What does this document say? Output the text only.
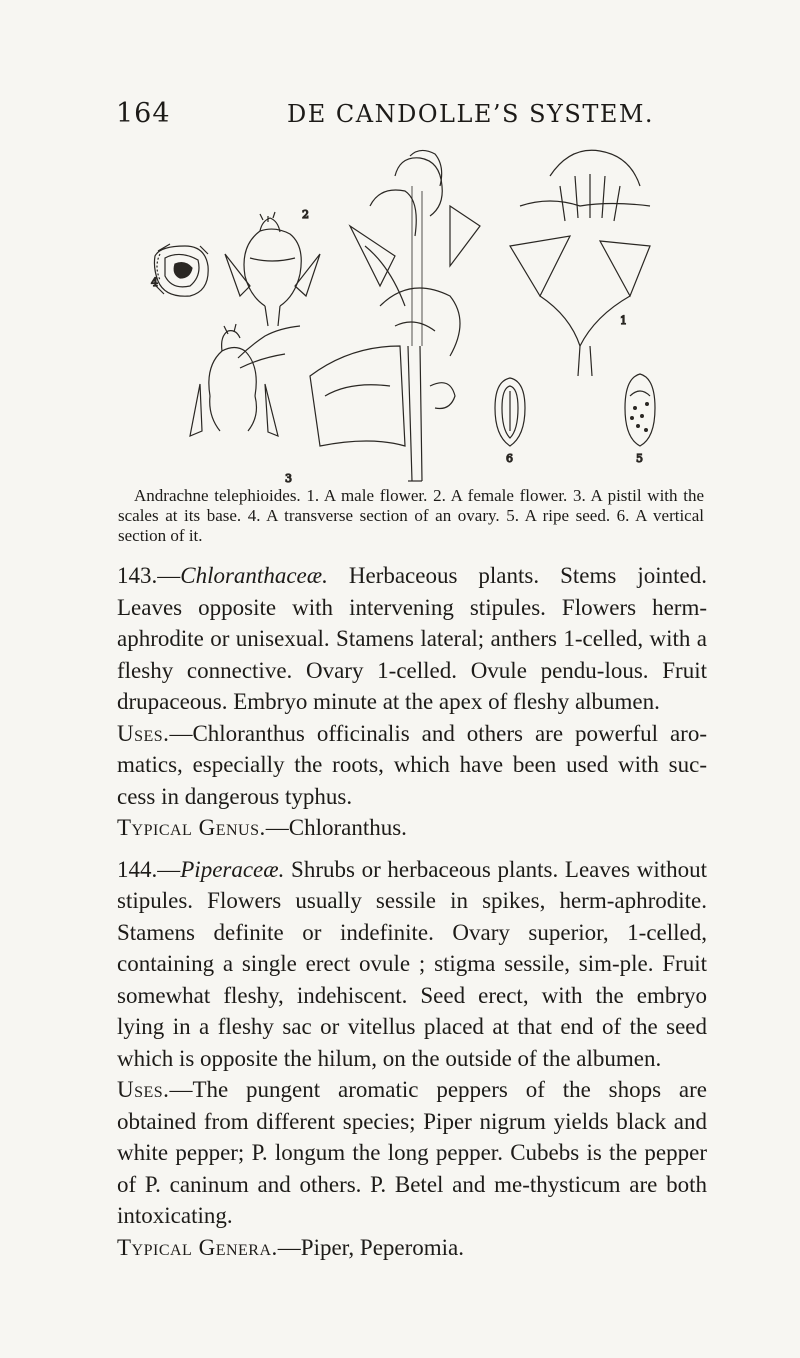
164	DE CANDOLLE’S SYSTEM.
2
4
1
6	5
3
Andrachne telephioides. 1. A male flower. 2. A female flower. 3. A pistil with the scales at its base. 4. A transverse section of an ovary. 5. A ripe seed. 6. A vertical section of it.

143.—Chloranthaceæ. Herbaceous plants. Stems jointed. Leaves opposite with intervening stipules. Flowers herm-aphrodite or unisexual. Stamens lateral; anthers 1-celled, with a fleshy connective. Ovary 1-celled. Ovule pendu-lous. Fruit drupaceous. Embryo minute at the apex of fleshy albumen.

Uses.—Chloranthus officinalis and others are powerful aro-matics, especially the roots, which have been used with suc-cess in dangerous typhus.

Typical Genus.—Chloranthus.

144.—Piperaceæ. Shrubs or herbaceous plants. Leaves without stipules. Flowers usually sessile in spikes, herm-aphrodite. Stamens definite or indefinite. Ovary superior, 1-celled, containing a single erect ovule ; stigma sessile, sim-ple. Fruit somewhat fleshy, indehiscent. Seed erect, with the embryo lying in a fleshy sac or vitellus placed at that end of the seed which is opposite the hilum, on the outside of the albumen.

Uses.—The pungent aromatic peppers of the shops are obtained from different species; Piper nigrum yields black and white pepper; P. longum the long pepper. Cubebs is the pepper of P. caninum and others. P. Betel and me-thysticum are both intoxicating.

Typical Genera.—Piper, Peperomia.
